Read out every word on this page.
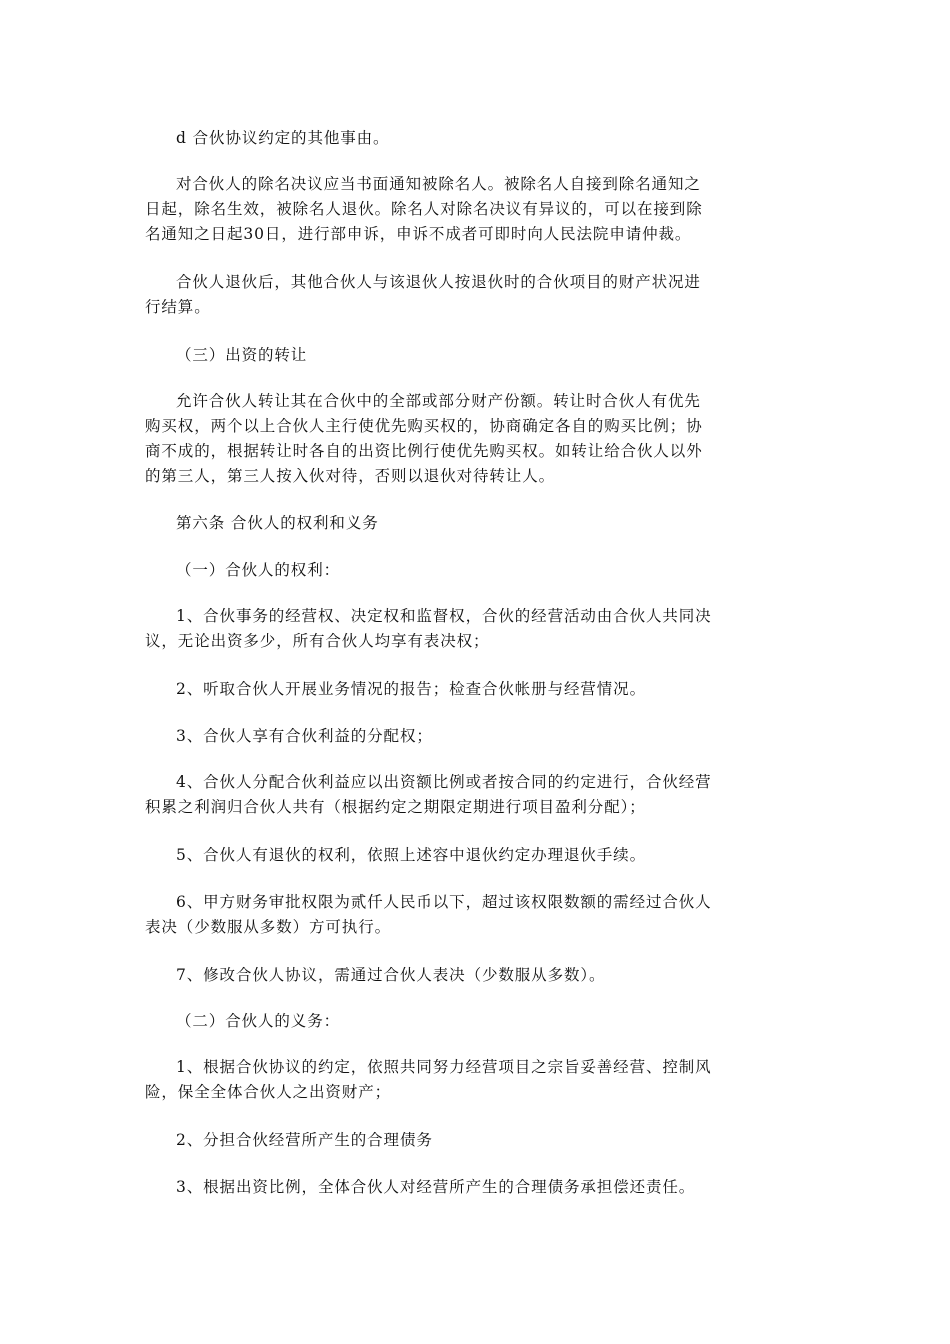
d 合伙协议约定的其他事由。

对合伙人的除名决议应当书面通知被除名人。被除名人自接到除名通知之
日起，除名生效，被除名人退伙。除名人对除名决议有异议的，可以在接到除
名通知之日起30日，进行部申诉，申诉不成者可即时向人民法院申请仲裁。

合伙人退伙后，其他合伙人与该退伙人按退伙时的合伙项目的财产状况进
行结算。

（三）出资的转让

允许合伙人转让其在合伙中的全部或部分财产份额。转让时合伙人有优先
购买权，两个以上合伙人主行使优先购买权的，协商确定各自的购买比例；协
商不成的，根据转让时各自的出资比例行使优先购买权。如转让给合伙人以外
的第三人，第三人按入伙对待，否则以退伙对待转让人。

第六条 合伙人的权利和义务

（一）合伙人的权利：

1、合伙事务的经营权、决定权和监督权，合伙的经营活动由合伙人共同决
议，无论出资多少，所有合伙人均享有表决权；

2、听取合伙人开展业务情况的报告；检查合伙帐册与经营情况。

3、合伙人享有合伙利益的分配权；

4、合伙人分配合伙利益应以出资额比例或者按合同的约定进行，合伙经营
积累之利润归合伙人共有（根据约定之期限定期进行项目盈利分配）；

5、合伙人有退伙的权利，依照上述容中退伙约定办理退伙手续。

6、甲方财务审批权限为贰仟人民币以下，超过该权限数额的需经过合伙人
表决（少数服从多数）方可执行。

7、修改合伙人协议，需通过合伙人表决（少数服从多数）。

（二）合伙人的义务：

1、根据合伙协议的约定，依照共同努力经营项目之宗旨妥善经营、控制风
险，保全全体合伙人之出资财产；

2、分担合伙经营所产生的合理债务

3、根据出资比例，全体合伙人对经营所产生的合理债务承担偿还责任。
